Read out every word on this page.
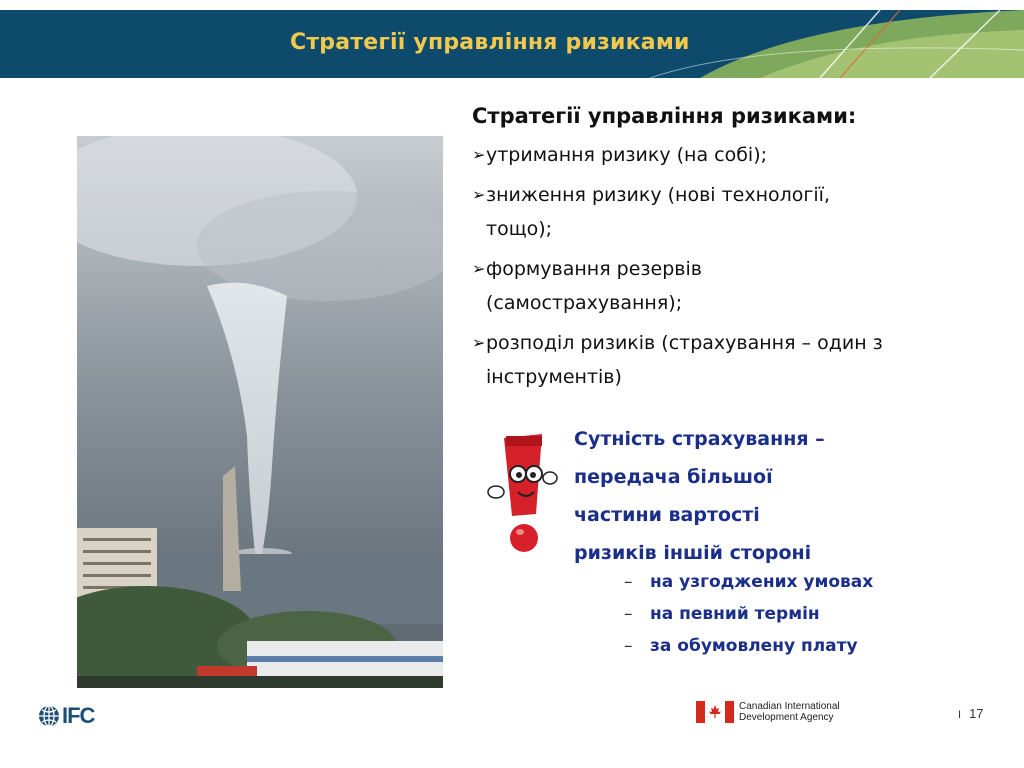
Стратегії управління ризиками
Стратегії управління ризиками:
➢ утримання ризику (на собі);
➢ зниження ризику (нові технології,
тощо);
➢ формування резервів
(самострахування);
➢ розподіл ризиків (страхування – один з
інструментів)
Сутність страхування –
передача більшої
частини вартості
ризиків іншій стороні
– на узгоджених умовах
– на певний термін
– за обумовлену плату
IFC	Canadian International
Development Agency	I 17
